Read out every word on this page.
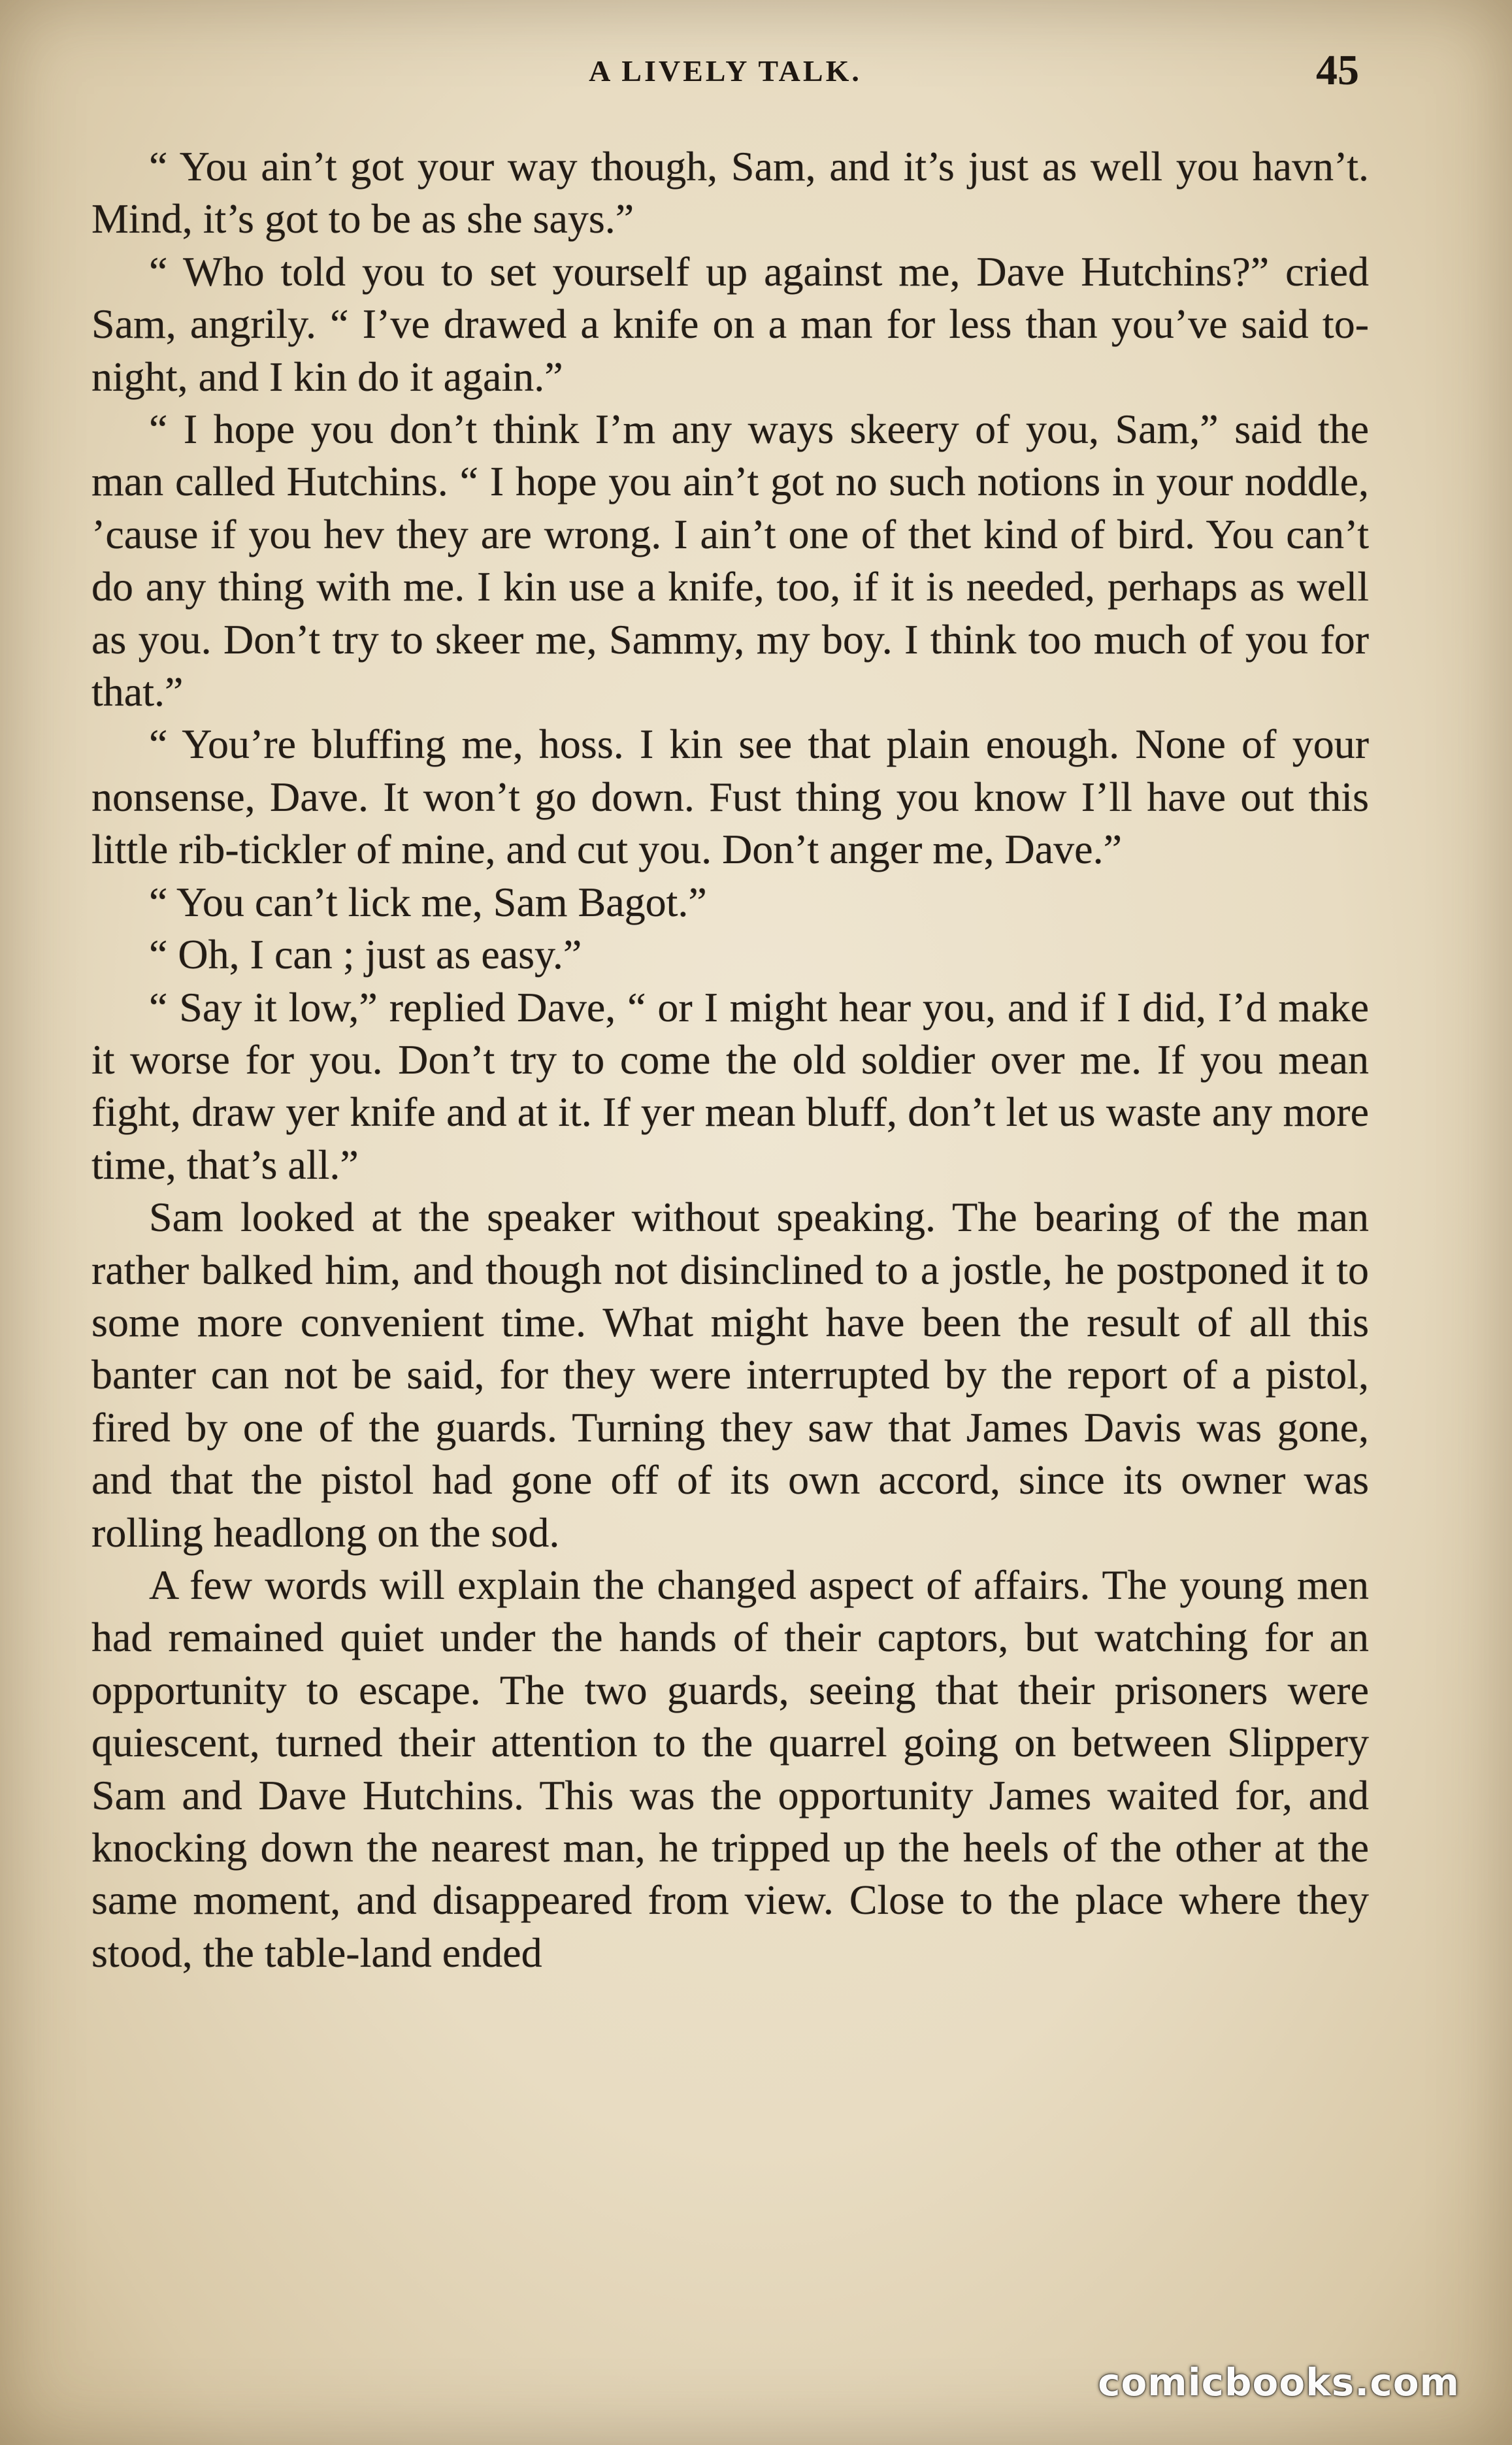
A LIVELY TALK.	45

“ You ain’t got your way though, Sam, and it’s just as well you havn’t. Mind, it’s got to be as she says.”

“ Who told you to set yourself up against me, Dave Hutchins?” cried Sam, angrily. “ I’ve drawed a knife on a man for less than you’ve said to-night, and I kin do it again.”

“ I hope you don’t think I’m any ways skeery of you, Sam,” said the man called Hutchins. “ I hope you ain’t got no such notions in your noddle, ’cause if you hev they are wrong. I ain’t one of thet kind of bird. You can’t do any thing with me. I kin use a knife, too, if it is needed, perhaps as well as you. Don’t try to skeer me, Sammy, my boy. I think too much of you for that.”

“ You’re bluffing me, hoss. I kin see that plain enough. None of your nonsense, Dave. It won’t go down. Fust thing you know I’ll have out this little rib-tickler of mine, and cut you. Don’t anger me, Dave.”

“ You can’t lick me, Sam Bagot.”

“ Oh, I can ; just as easy.”

“ Say it low,” replied Dave, “ or I might hear you, and if I did, I’d make it worse for you. Don’t try to come the old soldier over me. If you mean fight, draw yer knife and at it. If yer mean bluff, don’t let us waste any more time, that’s all.”

Sam looked at the speaker without speaking. The bearing of the man rather balked him, and though not disinclined to a jostle, he postponed it to some more convenient time. What might have been the result of all this banter can not be said, for they were interrupted by the report of a pistol, fired by one of the guards. Turning they saw that James Davis was gone, and that the pistol had gone off of its own accord, since its owner was rolling headlong on the sod.

A few words will explain the changed aspect of affairs. The young men had remained quiet under the hands of their captors, but watching for an opportunity to escape. The two guards, seeing that their prisoners were quiescent, turned their attention to the quarrel going on between Slippery Sam and Dave Hutchins. This was the opportunity James waited for, and knocking down the nearest man, he tripped up the heels of the other at the same moment, and disappeared from view. Close to the place where they stood, the table-land ended

comicbooks.com
